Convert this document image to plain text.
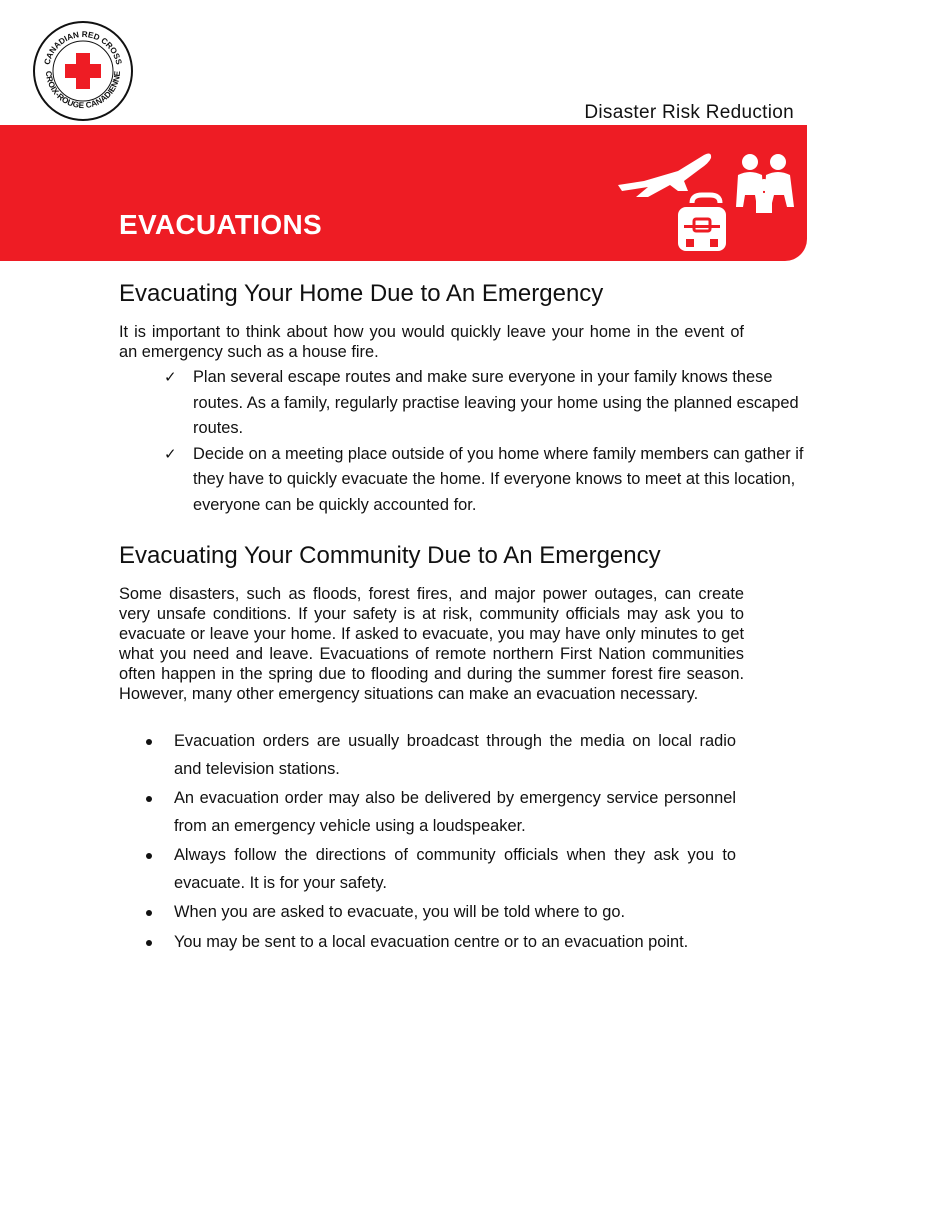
CANADIAN RED CROSS
CROIX-ROUGE CANADIENNE
Disaster Risk Reduction
EVACUATIONS
Evacuating Your Home Due to An Emergency

It is important to think about how you would quickly leave your home in the event of an emergency such as a house fire.

✓ Plan several escape routes and make sure everyone in your family knows these routes. As a family, regularly practise leaving your home using the planned escaped routes.
✓ Decide on a meeting place outside of you home where family members can gather if they have to quickly evacuate the home. If everyone knows to meet at this location, everyone can be quickly accounted for.
Evacuating Your Community Due to An Emergency

Some disasters, such as floods, forest fires, and major power outages, can create very unsafe conditions. If your safety is at risk, community officials may ask you to evacuate or leave your home. If asked to evacuate, you may have only minutes to get what you need and leave. Evacuations of remote northern First Nation communities often happen in the spring due to flooding and during the summer forest fire season. However, many other emergency situations can make an evacuation necessary.

Evacuation orders are usually broadcast through the media on local radio and television stations.
An evacuation order may also be delivered by emergency service personnel from an emergency vehicle using a loudspeaker.
Always follow the directions of community officials when they ask you to evacuate. It is for your safety.
When you are asked to evacuate, you will be told where to go.
You may be sent to a local evacuation centre or to an evacuation point.
